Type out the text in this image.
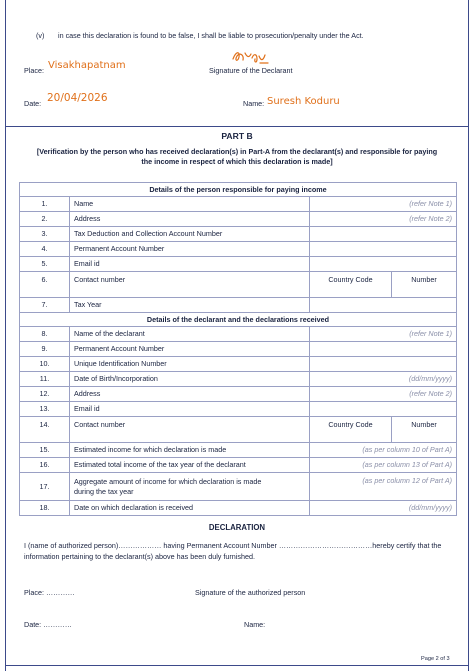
(v) in case this declaration is found to be false, I shall be liable to prosecution/penalty under the Act.
Place: Visakhapatnam	Signature of the Declarant
Date: 20/04/2026	Name: Suresh Koduru
PART B
[Verification by the person who has received declaration(s) in Part-A from the declarant(s) and responsible for paying
the income in respect of which this declaration is made]
Details of the person responsible for paying income			
1.	Name	(refer Note 1)	
2.	Address	(refer Note 2)	
3.	Tax Deduction and Collection Account Number		
4.	Permanent Account Number		
5.	Email id		
6.	Contact number	Country Code	Number
7.	Tax Year		
Details of the declarant and the declarations received			
8.	Name of the declarant	(refer Note 1)	
9.	Permanent Account Number		
10.	Unique Identification Number		
11.	Date of Birth/Incorporation	(dd/mm/yyyy)	
12.	Address	(refer Note 2)	
13.	Email id		
14.	Contact number	Country Code	Number
15.	Estimated income for which declaration is made	(as per column 10 of Part A)	
16.	Estimated total income of the tax year of the declarant	(as per column 13 of Part A)	
17.	Aggregate amount of income for which declaration is made
during the tax year	(as per column 12 of Part A)	
18.	Date on which declaration is received	(dd/mm/yyyy)	
DECLARATION
I (name of authorized person)……………… having Permanent Account Number …………………………………hereby certify that the
information pertaining to the declarant(s) above has been duly furnished.
Place: …………	Signature of the authorized person
Date: …………	Name:
Page 2 of 3
